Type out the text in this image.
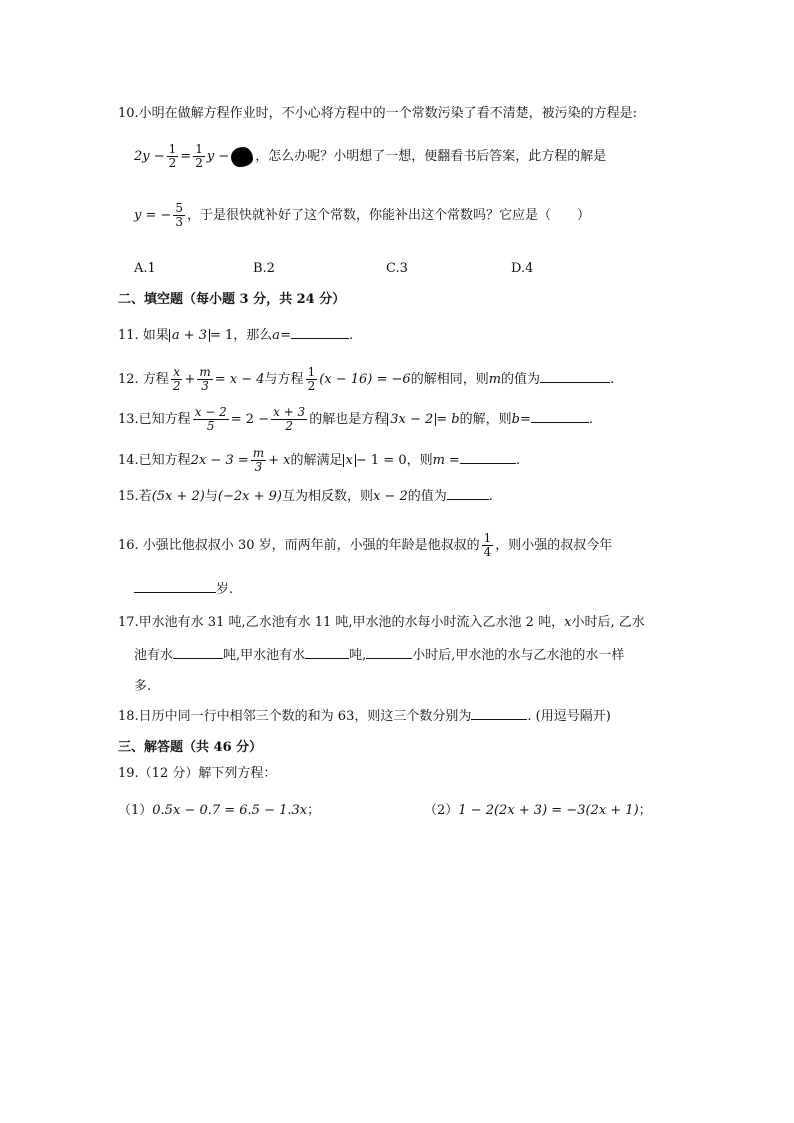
10.小明在做解方程作业时，不小心将方程中的一个常数污染了看不清楚，被污染的方程是:
$2y - \frac{1}{2} = \frac{1}{2}$ y − ，怎么办呢？小明想了一想，便翻看书后答案，此方程的解是
y = − $\frac{5}{3}$ ，于是很快就补好了这个常数，你能补出这个常数吗？它应是（　　）
A.1	B.2	C.3	D.4
二、填空题（每小题 3 分，共 24 分）
11. 如果 a + 3 = 1，那么a=	.
12. 方程 $\frac{x}{2} + \frac{m}{3} = x - 4$与方程 $\frac{1}{2} (x - 16) = -6$的解相同，则m的值为	.
13.已知方程 $\frac{x - 2}{5} = 2 - \frac{x + 3}{2}$ 的解也是方程 3x − 2 = b的解，则b=	.
14.已知方程$2x - 3 = \frac{m}{3} + x$的解满足 x − 1 = 0，则m =	.
15.若(5x + 2)与(−2x + 9)互为相反数，则x − 2的值为	.
16. 小强比他叔叔小 30 岁，而两年前，小强的年龄是他叔叔的 $\frac{1}{4}$ ，则小强的叔叔今年
岁.
17.甲水池有水 31 吨,乙水池有水 11 吨,甲水池的水每小时流入乙水池 2 吨，x小时后, 乙水
池有水	吨,甲水池有水	吨,	小时后,甲水池的水与乙水池的水一样
多.
18.日历中同一行中相邻三个数的和为 63，则这三个数分别为	. (用逗号隔开)
三、解答题（共 46 分）
19.（12 分）解下列方程：
（1）0.5x − 0.7 = 6.5 − 1.3x；	（2）1 − 2(2x + 3) = −3(2x + 1)；
